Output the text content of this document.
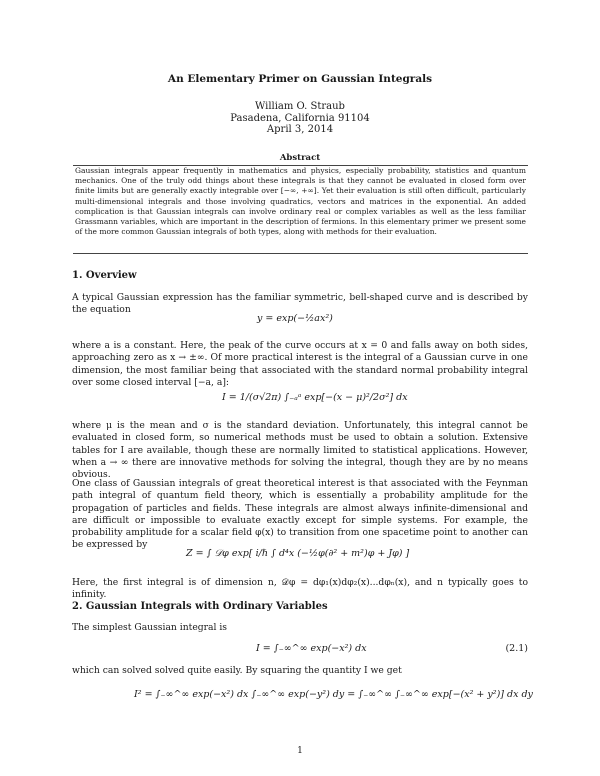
An Elementary Primer on Gaussian Integrals
William O. Straub
Pasadena, California 91104
April 3, 2014
Abstract
Gaussian integrals appear frequently in mathematics and physics, especially probability, statistics and quantum mechanics. One of the truly odd things about these integrals is that they cannot be evaluated in closed form over finite limits but are generally exactly integrable over [−∞, +∞]. Yet their evaluation is still often difficult, particularly multi-dimensional integrals and those involving quadratics, vectors and matrices in the exponential. An added complication is that Gaussian integrals can involve ordinary real or complex variables as well as the less familiar Grassmann variables, which are important in the description of fermions. In this elementary primer we present some of the more common Gaussian integrals of both types, along with methods for their evaluation.
1. Overview
A typical Gaussian expression has the familiar symmetric, bell-shaped curve and is described by the equation
y = exp(−½ax²)
where a is a constant. Here, the peak of the curve occurs at x = 0 and falls away on both sides, approaching zero as x → ±∞. Of more practical interest is the integral of a Gaussian curve in one dimension, the most familiar being that associated with the standard normal probability integral over some closed interval [−a, a]:
I = 1/(σ√2π) ∫₋ₐᵃ exp[−(x − μ)²/2σ²] dx
where μ is the mean and σ is the standard deviation. Unfortunately, this integral cannot be evaluated in closed form, so numerical methods must be used to obtain a solution. Extensive tables for I are available, though these are normally limited to statistical applications. However, when a → ∞ there are innovative methods for solving the integral, though they are by no means obvious.
One class of Gaussian integrals of great theoretical interest is that associated with the Feynman path integral of quantum field theory, which is essentially a probability amplitude for the propagation of particles and fields. These integrals are almost always infinite-dimensional and are difficult or impossible to evaluate exactly except for simple systems. For example, the probability amplitude for a scalar field φ(x) to transition from one spacetime point to another can be expressed by
Z = ∫ 𝒟φ exp[ i/ℏ ∫ d⁴x (−½φ(∂² + m²)φ + Jφ) ]
Here, the first integral is of dimension n, 𝒟φ = dφ₁(x)dφ₂(x)...dφₙ(x), and n typically goes to infinity.
2. Gaussian Integrals with Ordinary Variables
The simplest Gaussian integral is
I = ∫₋∞^∞ exp(−x²) dx	(2.1)
which can solved solved quite easily. By squaring the quantity I we get
I² = ∫₋∞^∞ exp(−x²) dx ∫₋∞^∞ exp(−y²) dy = ∫₋∞^∞ ∫₋∞^∞ exp[−(x² + y²)] dx dy
1
